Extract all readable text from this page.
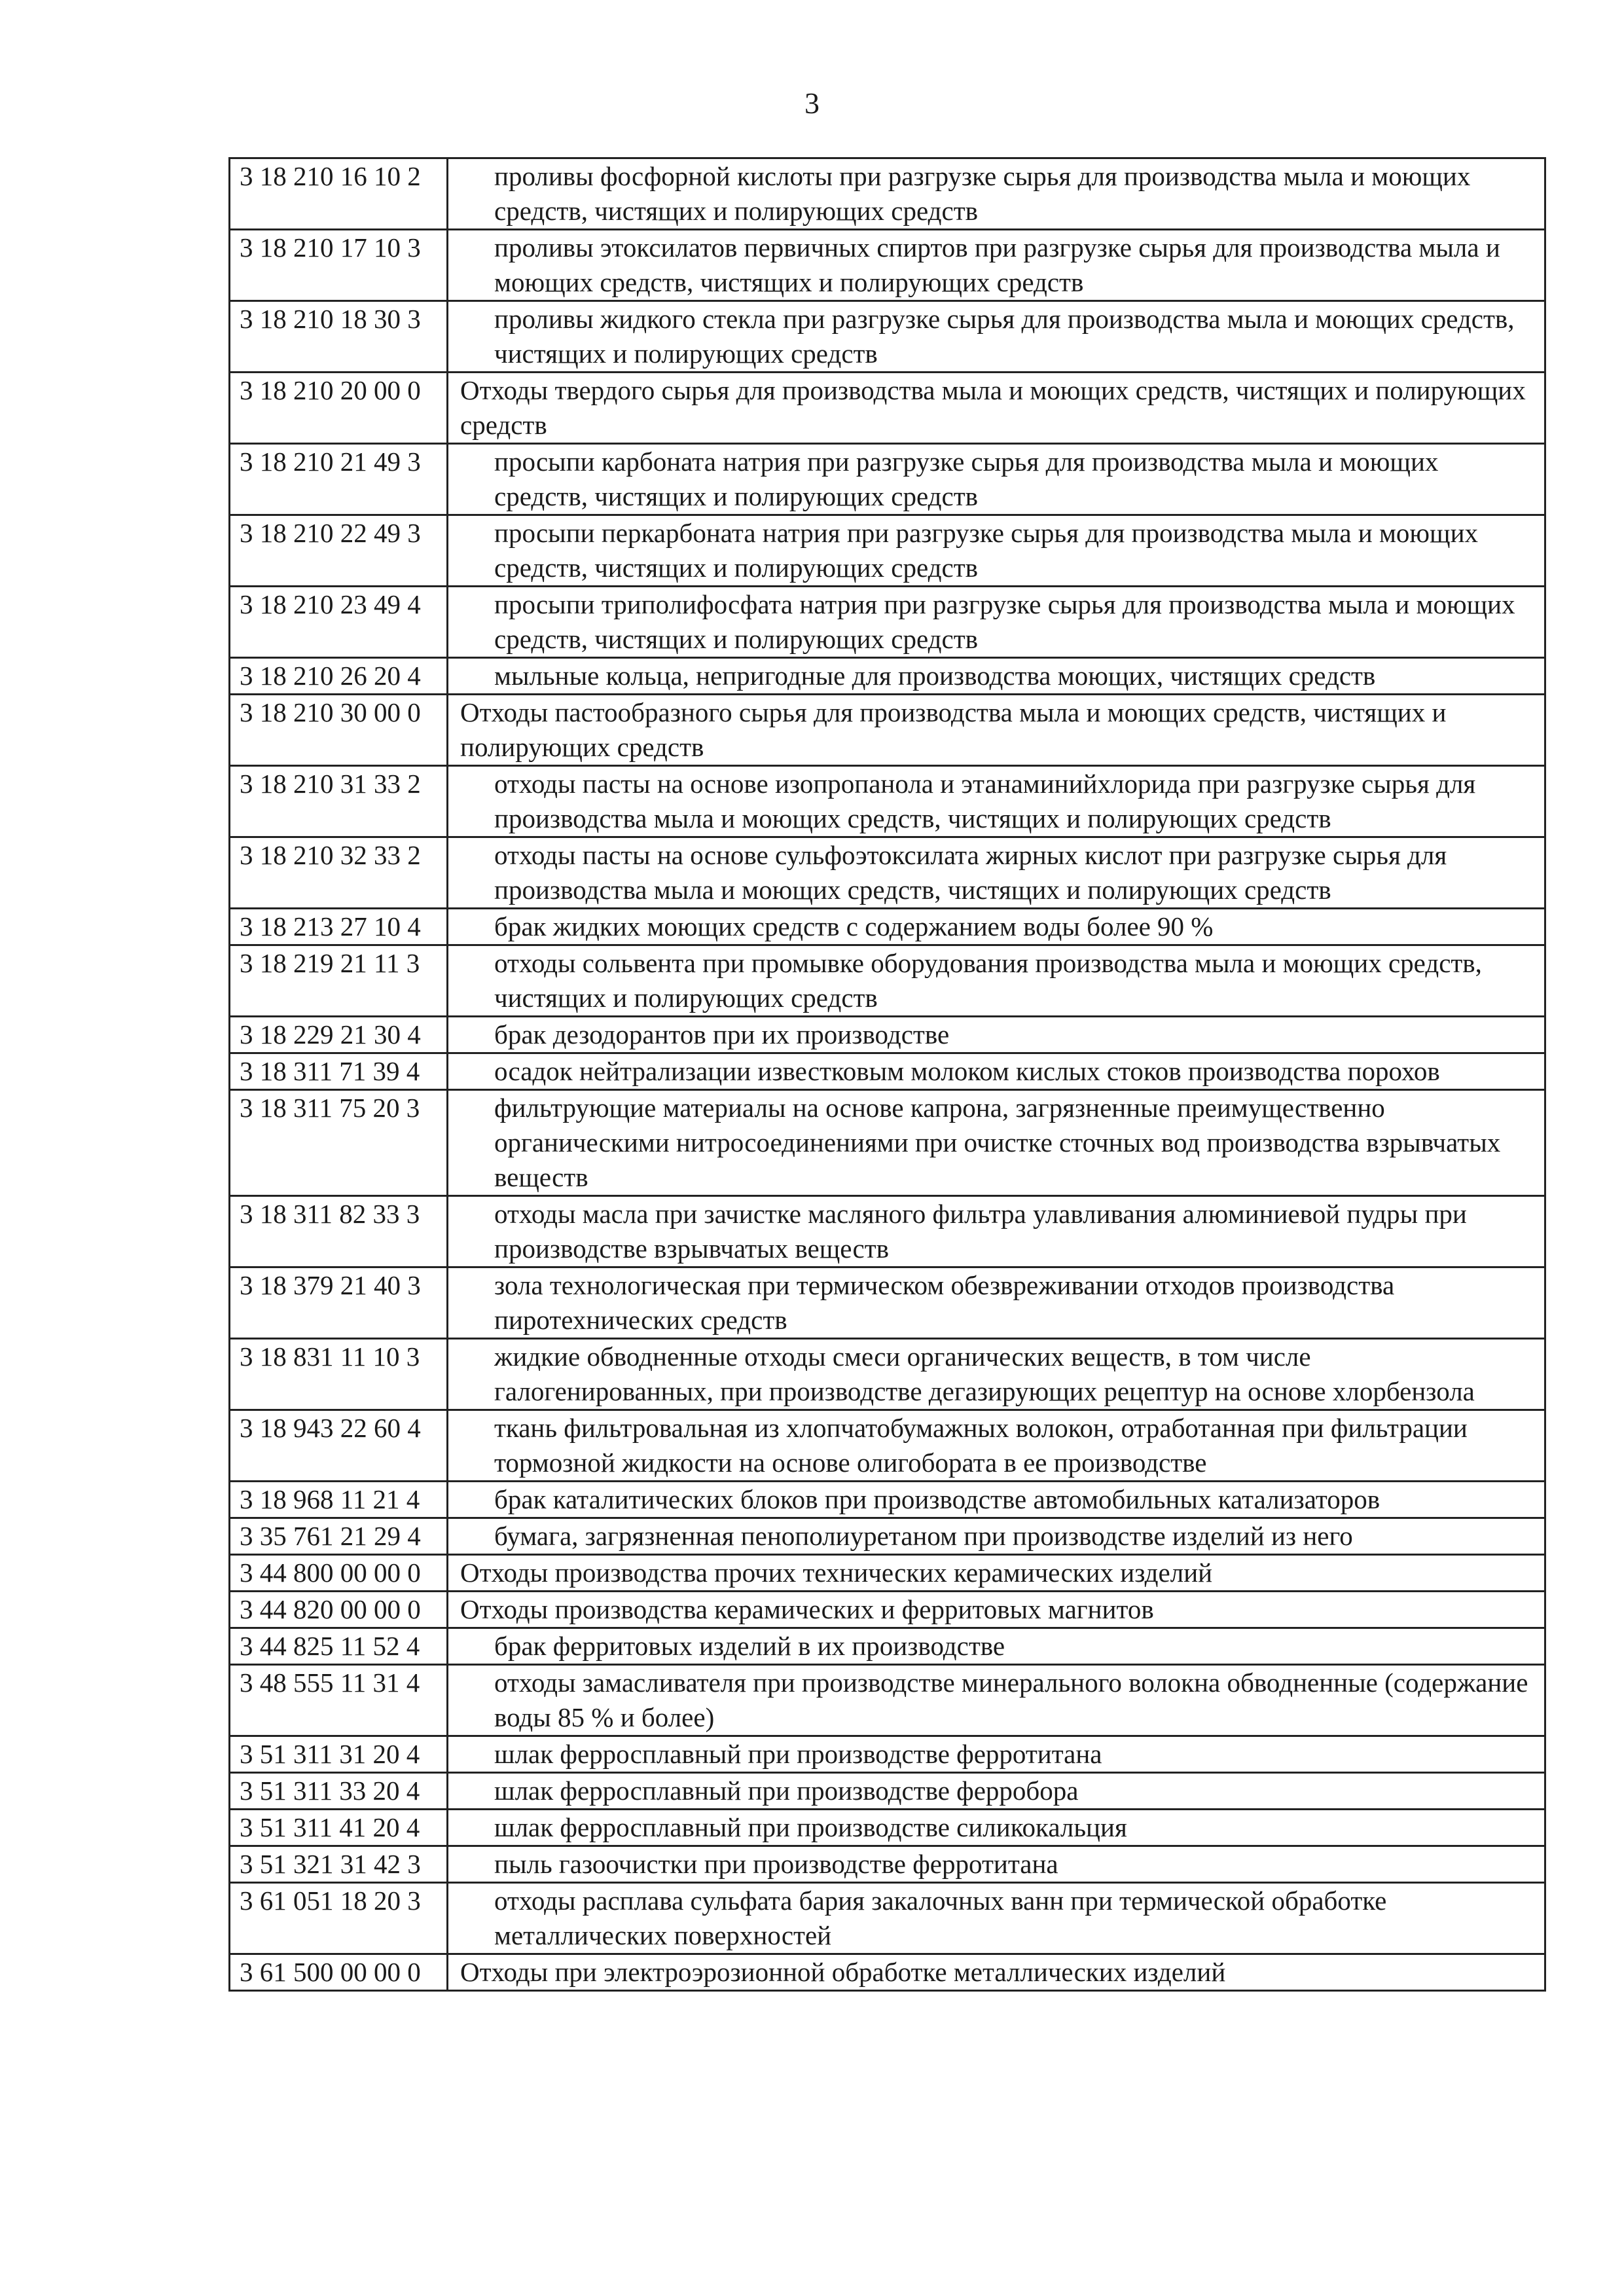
3
3 18 210 16 10 2	проливы фосфорной кислоты при разгрузке сырья для производства мыла и моющих средств, чистящих и полирующих средств
3 18 210 17 10 3	проливы этоксилатов первичных спиртов при разгрузке сырья для производства мыла и моющих средств, чистящих и полирующих средств
3 18 210 18 30 3	проливы жидкого стекла при разгрузке сырья для производства мыла и моющих средств, чистящих и полирующих средств
3 18 210 20 00 0	Отходы твердого сырья для производства мыла и моющих средств, чистящих и полирующих средств
3 18 210 21 49 3	просыпи карбоната натрия при разгрузке сырья для производства мыла и моющих средств, чистящих и полирующих средств
3 18 210 22 49 3	просыпи перкарбоната натрия при разгрузке сырья для производства мыла и моющих средств, чистящих и полирующих средств
3 18 210 23 49 4	просыпи триполифосфата натрия при разгрузке сырья для производства мыла и моющих средств, чистящих и полирующих средств
3 18 210 26 20 4	мыльные кольца, непригодные для производства моющих, чистящих средств
3 18 210 30 00 0	Отходы пастообразного сырья для производства мыла и моющих средств, чистящих и полирующих средств
3 18 210 31 33 2	отходы пасты на основе изопропанола и этанаминийхлорида при разгрузке сырья для производства мыла и моющих средств, чистящих и полирующих средств
3 18 210 32 33 2	отходы пасты на основе сульфоэтоксилата жирных кислот при разгрузке сырья для производства мыла и моющих средств, чистящих и полирующих средств
3 18 213 27 10 4	брак жидких моющих средств с содержанием воды более 90 %
3 18 219 21 11 3	отходы сольвента при промывке оборудования производства мыла и моющих средств, чистящих и полирующих средств
3 18 229 21 30 4	брак дезодорантов при их производстве
3 18 311 71 39 4	осадок нейтрализации известковым молоком кислых стоков производства порохов
3 18 311 75 20 3	фильтрующие материалы на основе капрона, загрязненные преимущественно органическими нитросоединениями при очистке сточных вод производства взрывчатых веществ
3 18 311 82 33 3	отходы масла при зачистке масляного фильтра улавливания алюминиевой пудры при производстве взрывчатых веществ
3 18 379 21 40 3	зола технологическая при термическом обезвреживании отходов производства пиротехнических средств
3 18 831 11 10 3	жидкие обводненные отходы смеси органических веществ, в том числе галогенированных, при производстве дегазирующих рецептур на основе хлорбензола
3 18 943 22 60 4	ткань фильтровальная из хлопчатобумажных волокон, отработанная при фильтрации тормозной жидкости на основе олигобората в ее производстве
3 18 968 11 21 4	брак каталитических блоков при производстве автомобильных катализаторов
3 35 761 21 29 4	бумага, загрязненная пенополиуретаном при производстве изделий из него
3 44 800 00 00 0	Отходы производства прочих технических керамических изделий
3 44 820 00 00 0	Отходы производства керамических и ферритовых магнитов
3 44 825 11 52 4	брак ферритовых изделий в их производстве
3 48 555 11 31 4	отходы замасливателя при производстве минерального волокна обводненные (содержание воды 85 % и более)
3 51 311 31 20 4	шлак ферросплавный при производстве ферротитана
3 51 311 33 20 4	шлак ферросплавный при производстве ферробора
3 51 311 41 20 4	шлак ферросплавный при производстве силикокальция
3 51 321 31 42 3	пыль газоочистки при производстве ферротитана
3 61 051 18 20 3	отходы расплава сульфата бария закалочных ванн при термической обработке металлических поверхностей
3 61 500 00 00 0	Отходы при электроэрозионной обработке металлических изделий
